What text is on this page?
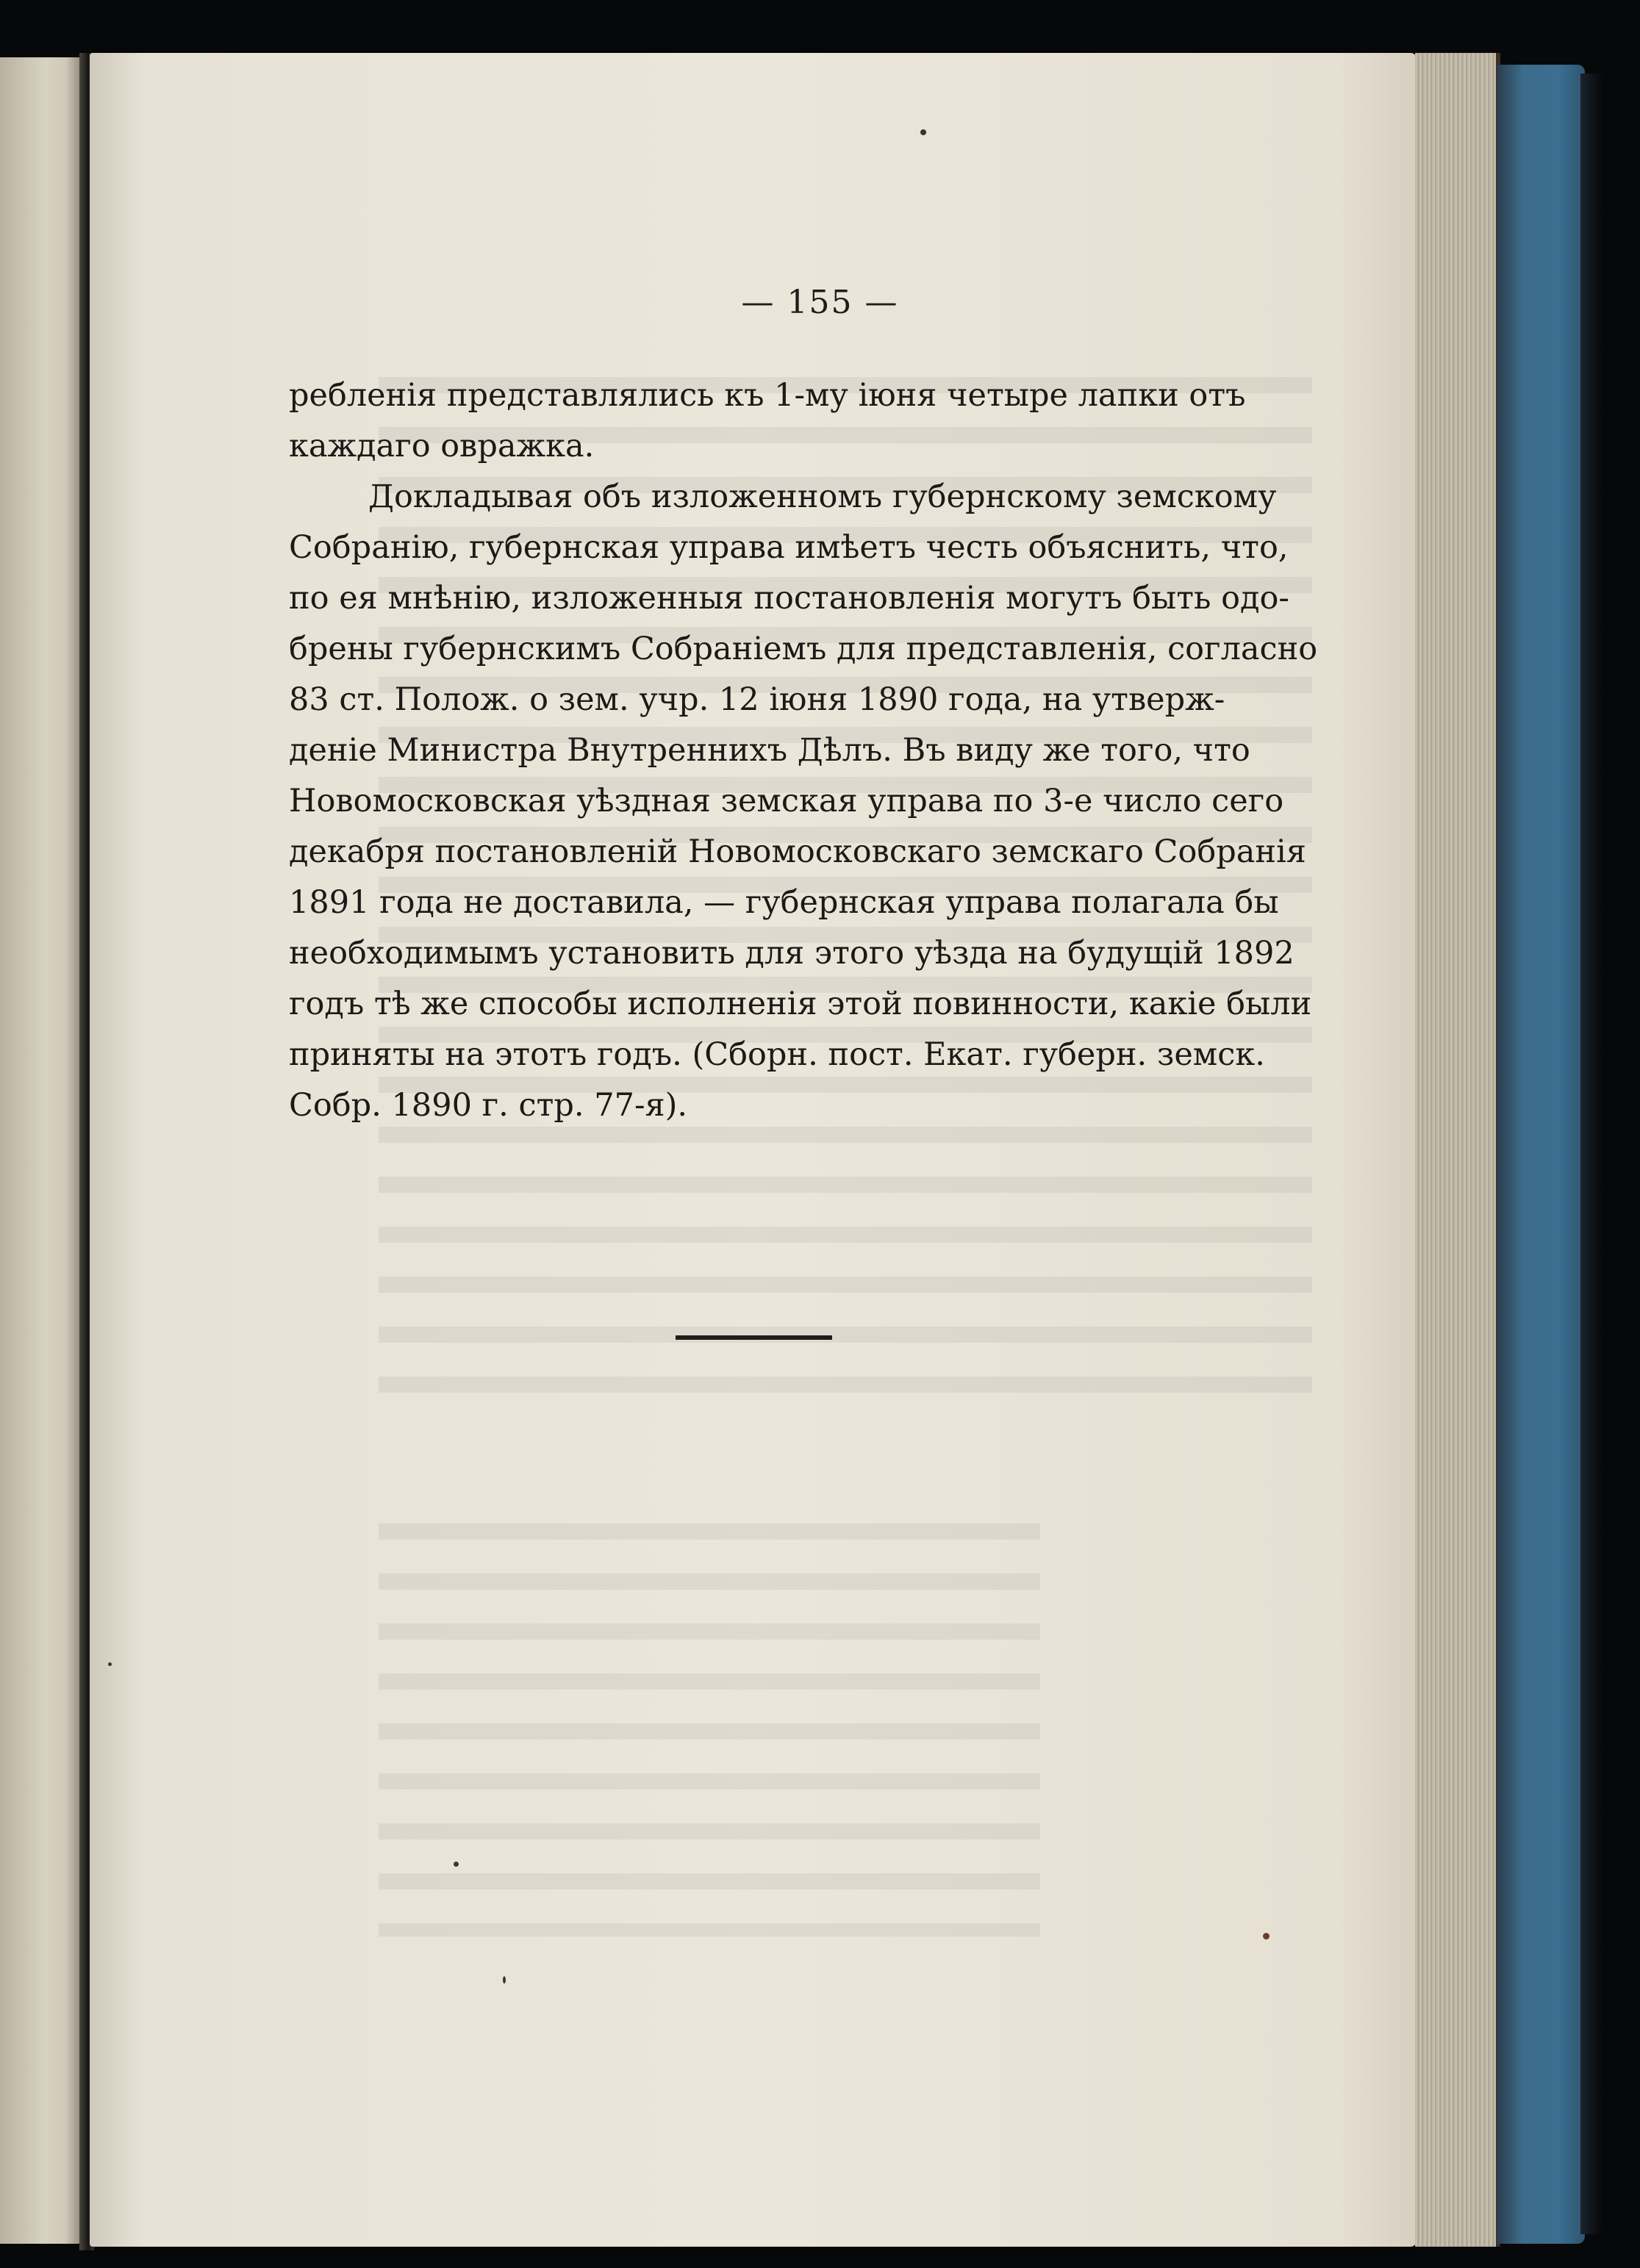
— 155 —
ребленія представлялись къ 1-му іюня четыре лапки отъ
каждаго овражка.
Докладывая объ изложенномъ губернскому земскому
Собранію, губернская управа имѣетъ честь объяснить, что,
по ея мнѣнію, изложенныя постановленія могутъ быть одо-
брены губернскимъ Собраніемъ для представленія, согласно
83 ст. Полож. о зем. учр. 12 іюня 1890 года, на утверж-
деніе Министра Внутреннихъ Дѣлъ. Въ виду же того, что
Новомосковская уѣздная земская управа по 3-е число сего
декабря постановленій Новомосковскаго земскаго Собранія
1891 года не доставила, — губернская управа полагала бы
необходимымъ установить для этого уѣзда на будущій 1892
годъ тѣ же способы исполненія этой повинности, какіе были
приняты на этотъ годъ. (Сборн. пост. Екат. губерн. земск.
Собр. 1890 г. стр. 77-я).
